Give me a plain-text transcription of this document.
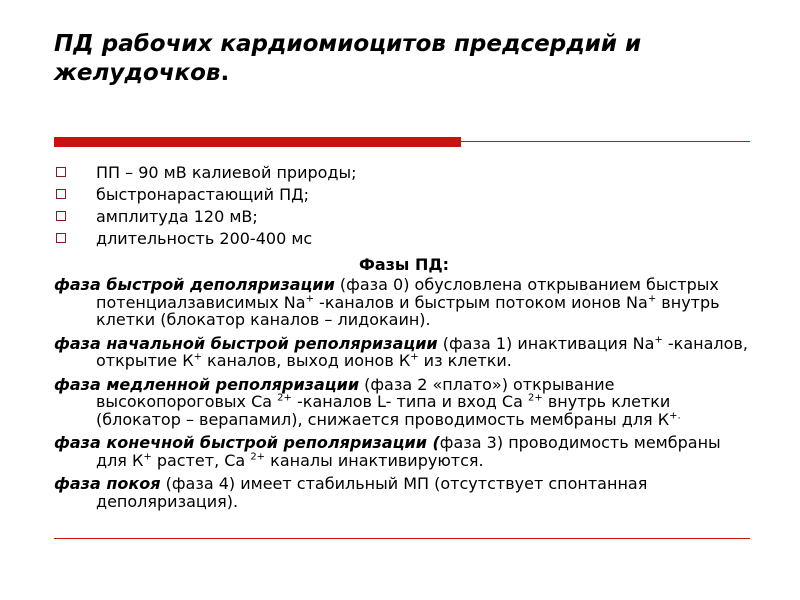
ПД рабочих кардиомиоцитов предсердий и желудочков.
ПП – 90 мВ калиевой природы;
быстронарастающий ПД;
амплитуда 120 мВ;
длительность 200-400 мс

Фазы ПД:

фаза быстрой деполяризации (фаза 0) обусловлена открыванием быстрых потенциалзависимых Na+ -каналов и быстрым потоком ионов Na+ внутрь клетки (блокатор каналов – лидокаин).
фаза начальной быстрой реполяризации (фаза 1) инактивация Na+ -каналов, открытие К+ каналов, выход ионов К+ из клетки.
фаза медленной реполяризации (фаза 2 «плато») открывание высокопороговых Са $^{2+}$ -каналов L- типа и вход Са $^{2+}$ внутрь клетки (блокатор – верапамил), снижается проводимость мембраны для К+.
фаза конечной быстрой реполяризации (фаза 3) проводимость мембраны для К+ растет, Са $^{2+}$ каналы инактивируются.
фаза покоя (фаза 4) имеет стабильный МП (отсутствует спонтанная деполяризация).
